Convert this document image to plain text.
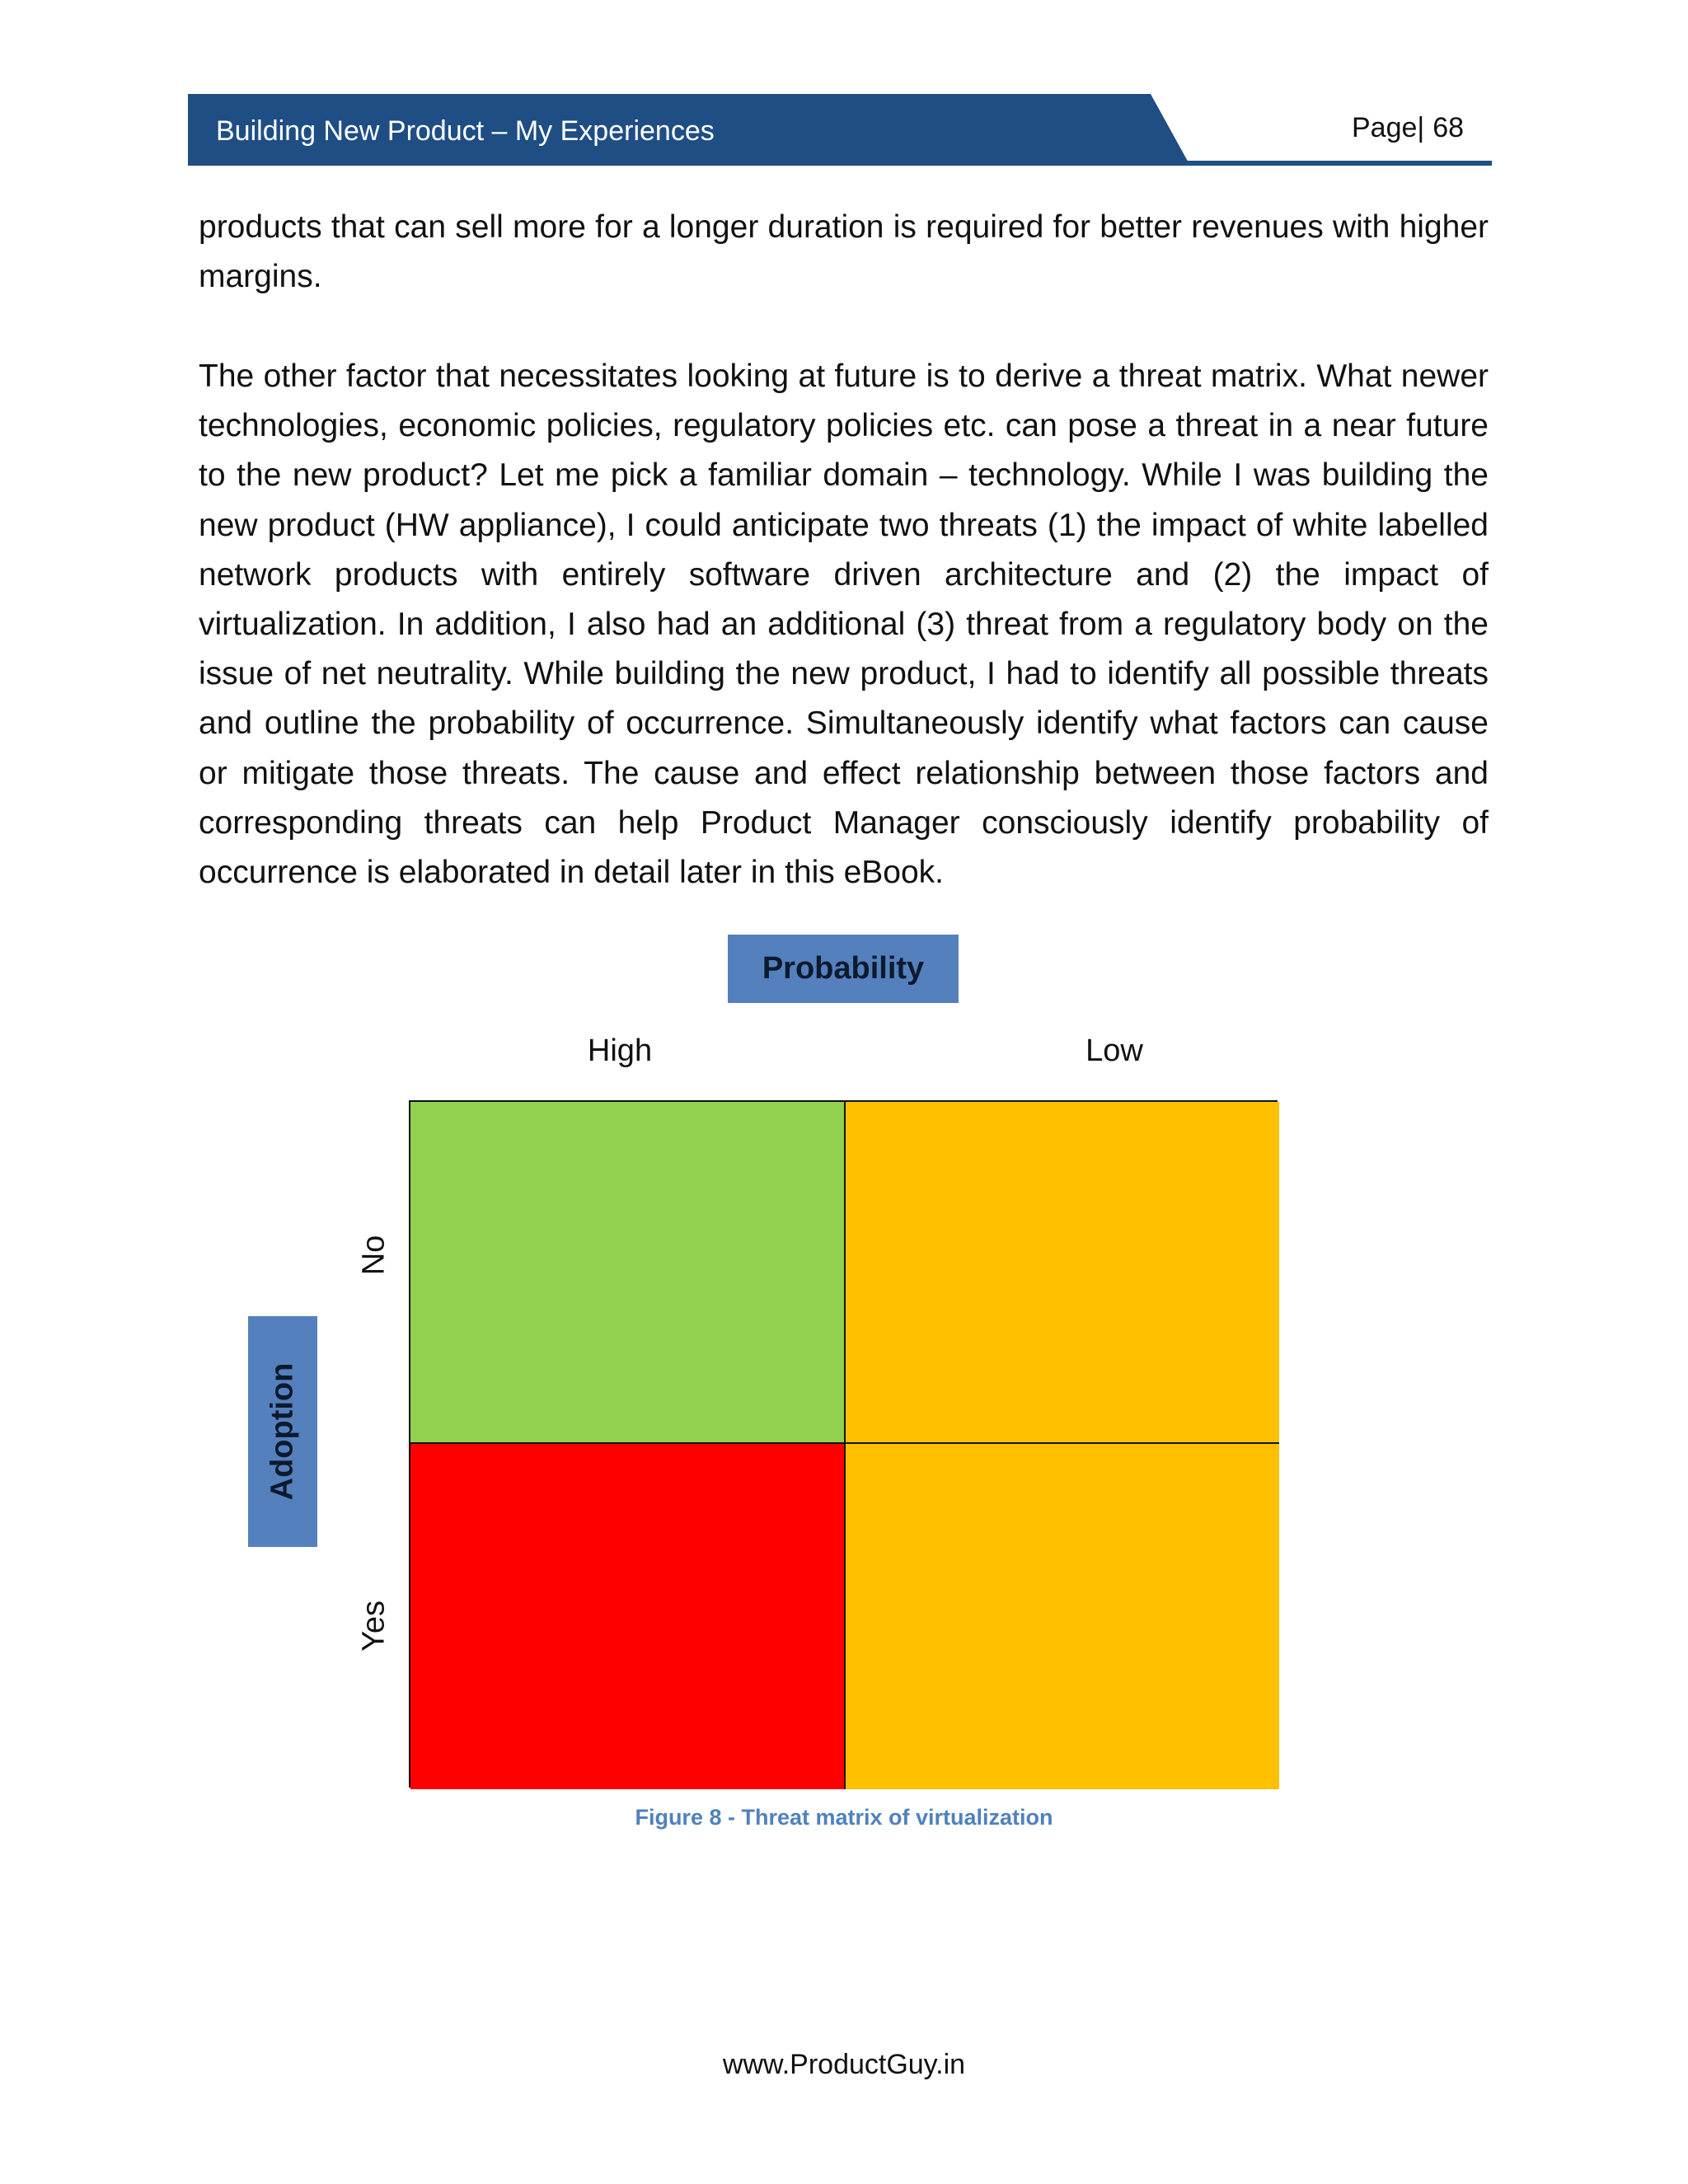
Building New Product – My Experiences	Page| 68

products that can sell more for a longer duration is required for better revenues with higher margins.

The other factor that necessitates looking at future is to derive a threat matrix. What newer technologies, economic policies, regulatory policies etc. can pose a threat in a near future to the new product? Let me pick a familiar domain – technology. While I was building the new product (HW appliance), I could anticipate two threats (1) the impact of white labelled network products with entirely software driven architecture and (2) the impact of virtualization. In addition, I also had an additional (3) threat from a regulatory body on the issue of net neutrality. While building the new product, I had to identify all possible threats and outline the probability of occurrence. Simultaneously identify what factors can cause or mitigate those threats. The cause and effect relationship between those factors and corresponding threats can help Product Manager consciously identify probability of occurrence is elaborated in detail later in this eBook.

Probability
High	Low
Adoption
No
Yes
Figure 8 - Threat matrix of virtualization
www.ProductGuy.in
